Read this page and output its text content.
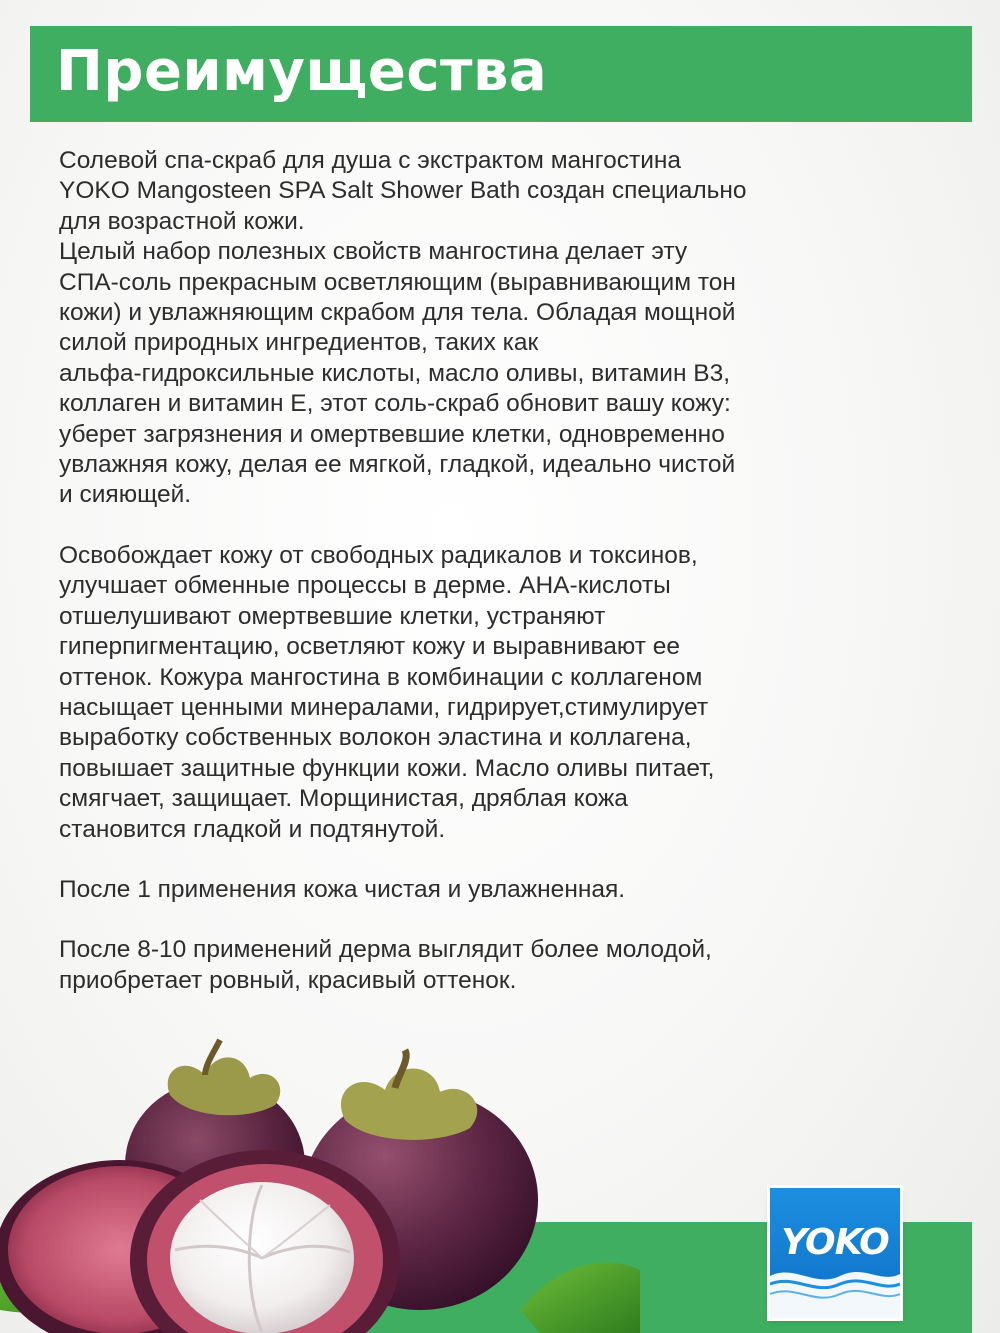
Преимущества

Солевой спа-скраб для душа с экстрактом мангостина
YOKO Mangosteen SPA Salt Shower Bath создан специально
для возрастной кожи.
Целый набор полезных свойств мангостина делает эту
СПА-соль прекрасным осветляющим (выравнивающим тон
кожи) и увлажняющим скрабом для тела. Обладая мощной
силой природных ингредиентов, таких как
альфа-гидроксильные кислоты, масло оливы, витамин В3,
коллаген и витамин Е, этот соль-скраб обновит вашу кожу:
уберет загрязнения и омертвевшие клетки, одновременно
увлажняя кожу, делая ее мягкой, гладкой, идеально чистой
и сияющей.

Освобождает кожу от свободных радикалов и токсинов,
улучшает обменные процессы в дерме. АНА-кислоты
отшелушивают омертвевшие клетки, устраняют
гиперпигментацию, осветляют кожу и выравнивают ее
оттенок. Кожура мангостина в комбинации с коллагеном
насыщает ценными минералами, гидрирует,стимулирует
выработку собственных волокон эластина и коллагена,
повышает защитные функции кожи. Масло оливы питает,
смягчает, защищает. Морщинистая, дряблая кожа
становится гладкой и подтянутой.

После 1 применения кожа чистая и увлажненная.

После 8-10 применений дерма выглядит более молодой,
приобретает ровный, красивый оттенок.

YOKO
